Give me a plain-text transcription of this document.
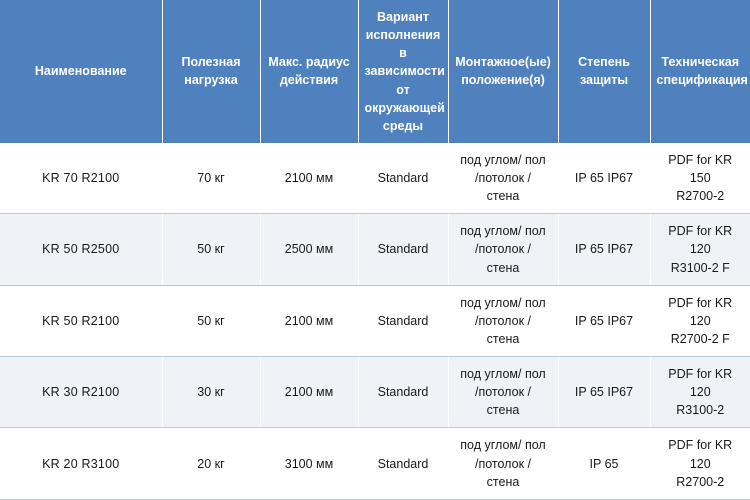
Наименование	Полезная нагрузка	Макс. радиус действия	Вариант исполнения в зависимости от окружающей среды	Монтажное(ые) положение(я)	Степень защиты	Техническая спецификация
KR 70 R2100	70 кг	2100 мм	Standard	под углом/ пол
/потолок /
стена	IP 65 IP67	PDF for KR 150
R2700-2

KR 50 R2500	50 кг	2500 мм	Standard	под углом/ пол
/потолок /
стена	IP 65 IP67	PDF for KR 120
R3100-2 F

KR 50 R2100	50 кг	2100 мм	Standard	под углом/ пол
/потолок /
стена	IP 65 IP67	PDF for KR 120
R2700-2 F

KR 30 R2100	30 кг	2100 мм	Standard	под углом/ пол
/потолок /
стена	IP 65 IP67	PDF for KR 120
R3100-2

KR 20 R3100	20 кг	3100 мм	Standard	под углом/ пол
/потолок /
стена	IP 65	PDF for KR 120
R2700-2
